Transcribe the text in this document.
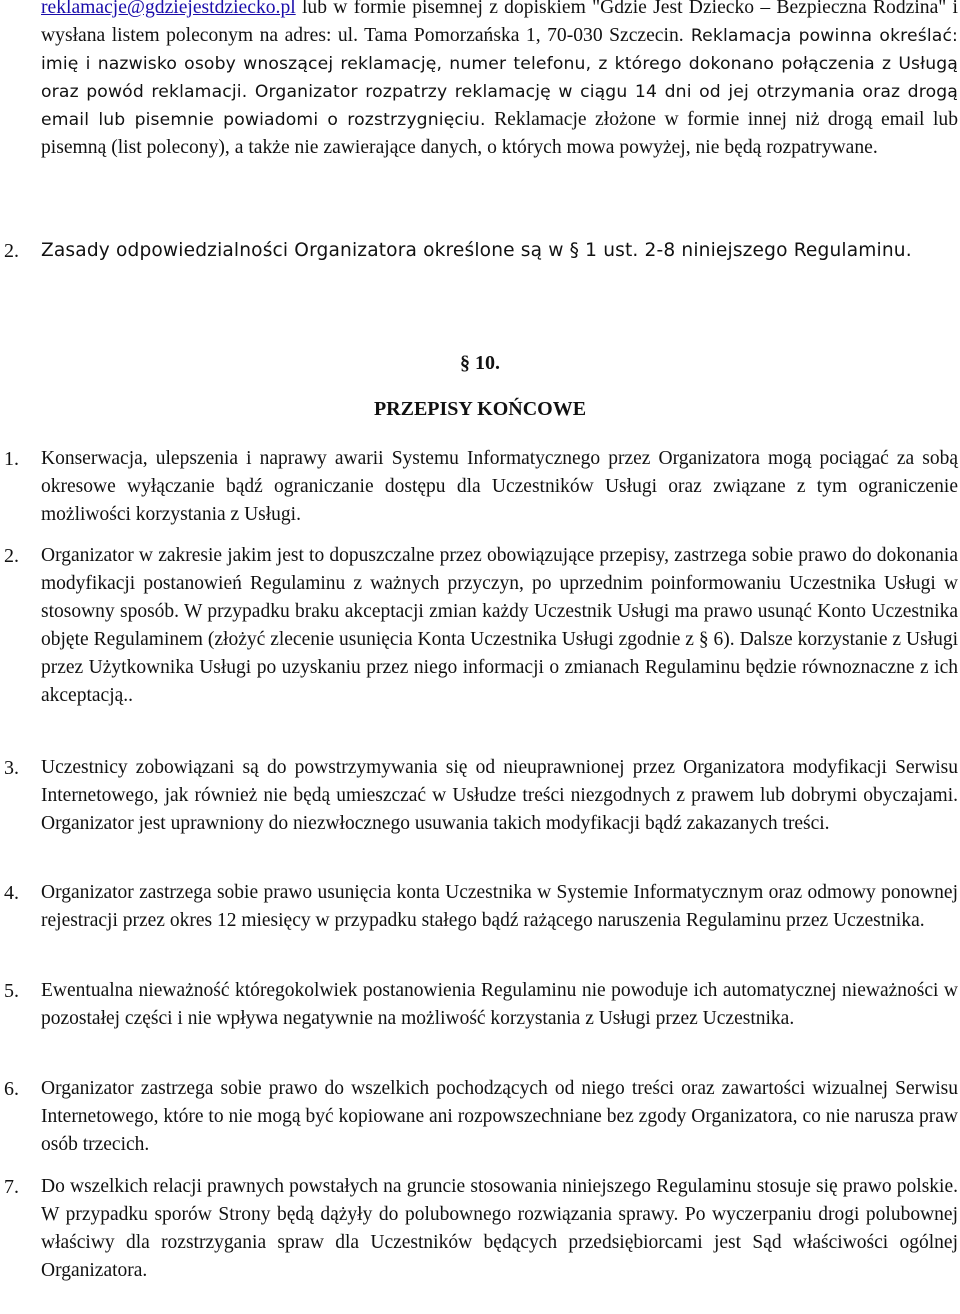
reklamacje@gdziejestdziecko.pl lub w formie pisemnej z dopiskiem "Gdzie Jest Dziecko – Bezpieczna Rodzina" i wysłana listem poleconym na adres: ul. Tama Pomorzańska 1, 70-030 Szczecin. Reklamacja powinna określać: imię i nazwisko osoby wnoszącej reklamację, numer telefonu, z którego dokonano połączenia z Usługą oraz powód reklamacji. Organizator rozpatrzy reklamację w ciągu 14 dni od jej otrzymania oraz drogą email lub pisemnie powiadomi o rozstrzygnięciu. Reklamacje złożone w formie innej niż drogą email lub pisemną (list polecony), a także nie zawierające danych, o których mowa powyżej, nie będą rozpatrywane.
2. Zasady odpowiedzialności Organizatora określone są w § 1 ust. 2-8 niniejszego Regulaminu.
§ 10.
PRZEPISY KOŃCOWE
1. Konserwacja, ulepszenia i naprawy awarii Systemu Informatycznego przez Organizatora mogą pociągać za sobą okresowe wyłączanie bądź ograniczanie dostępu dla Uczestników Usługi oraz związane z tym ograniczenie możliwości korzystania z Usługi.
2. Organizator w zakresie jakim jest to dopuszczalne przez obowiązujące przepisy, zastrzega sobie prawo do dokonania modyfikacji postanowień Regulaminu z ważnych przyczyn, po uprzednim poinformowaniu Uczestnika Usługi w stosowny sposób. W przypadku braku akceptacji zmian każdy Uczestnik Usługi ma prawo usunąć Konto Uczestnika objęte Regulaminem (złożyć zlecenie usunięcia Konta Uczestnika Usługi zgodnie z § 6). Dalsze korzystanie z Usługi przez Użytkownika Usługi po uzyskaniu przez niego informacji o zmianach Regulaminu będzie równoznaczne z ich akceptacją..
3. Uczestnicy zobowiązani są do powstrzymywania się od nieuprawnionej przez Organizatora modyfikacji Serwisu Internetowego, jak również nie będą umieszczać w Usłudze treści niezgodnych z prawem lub dobrymi obyczajami. Organizator jest uprawniony do niezwłocznego usuwania takich modyfikacji bądź zakazanych treści.
4. Organizator zastrzega sobie prawo usunięcia konta Uczestnika w Systemie Informatycznym oraz odmowy ponownej rejestracji przez okres 12 miesięcy w przypadku stałego bądź rażącego naruszenia Regulaminu przez Uczestnika.
5. Ewentualna nieważność któregokolwiek postanowienia Regulaminu nie powoduje ich automatycznej nieważności w pozostałej części i nie wpływa negatywnie na możliwość korzystania z Usługi przez Uczestnika.
6. Organizator zastrzega sobie prawo do wszelkich pochodzących od niego treści oraz zawartości wizualnej Serwisu Internetowego, które to nie mogą być kopiowane ani rozpowszechniane bez zgody Organizatora, co nie narusza praw osób trzecich.
7. Do wszelkich relacji prawnych powstałych na gruncie stosowania niniejszego Regulaminu stosuje się prawo polskie. W przypadku sporów Strony będą dążyły do polubownego rozwiązania sprawy. Po wyczerpaniu drogi polubownej właściwy dla rozstrzygania spraw dla Uczestników będących przedsiębiorcami jest Sąd właściwości ogólnej Organizatora.
